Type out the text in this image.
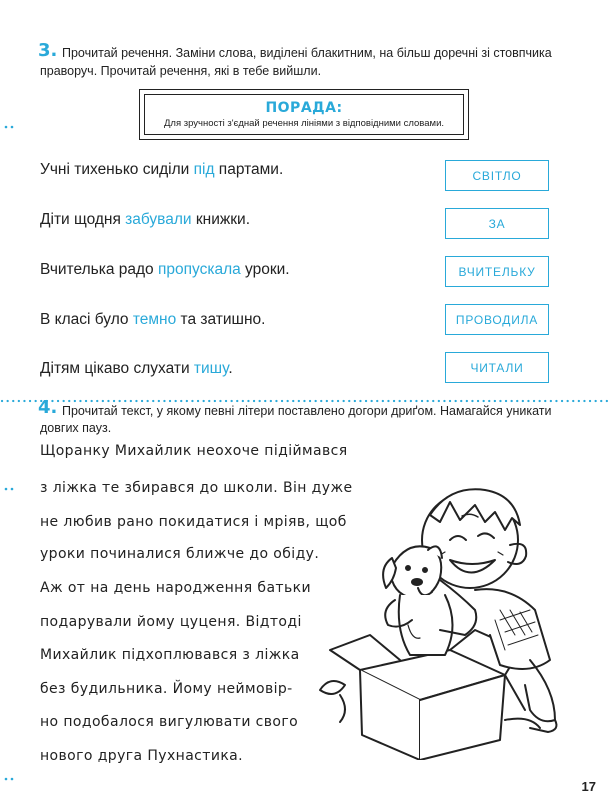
3. Прочитай речення. Заміни слова, виділені блакитним, на більш доречні зі стовпчика
праворуч. Прочитай речення, які в тебе вийшли.
ПОРАДА:
Для зручності з'єднай речення лініями з відповідними словами.
Учні тихенько сиділи під партами.
Діти щодня забували книжки.
Вчителька радо пропускала уроки.
В класі було темно та затишно.
Дітям цікаво слухати тишу.
СВІТЛО
ЗА
ВЧИТЕЛЬКУ
ПРОВОДИЛА
ЧИТАЛИ
4. Прочитай текст, у якому певні літери поставлено догори дриґом. Намагайся уникати
довгих пауз.
Щоранку Михайлик неохоче підіймався
з ліжка те збирався до школи. Він дуже
не любив рано покидатися і мріяв, щоб
уроки починалися ближче до обіду.
Аж от на день народження батьки
подарували йому цуценя. Відтоді
Михайлик підхоплювався з ліжка
без будильника. Йому неймовір-
но подобалося вигулювати свого
нового друга Пухнастика.
17
